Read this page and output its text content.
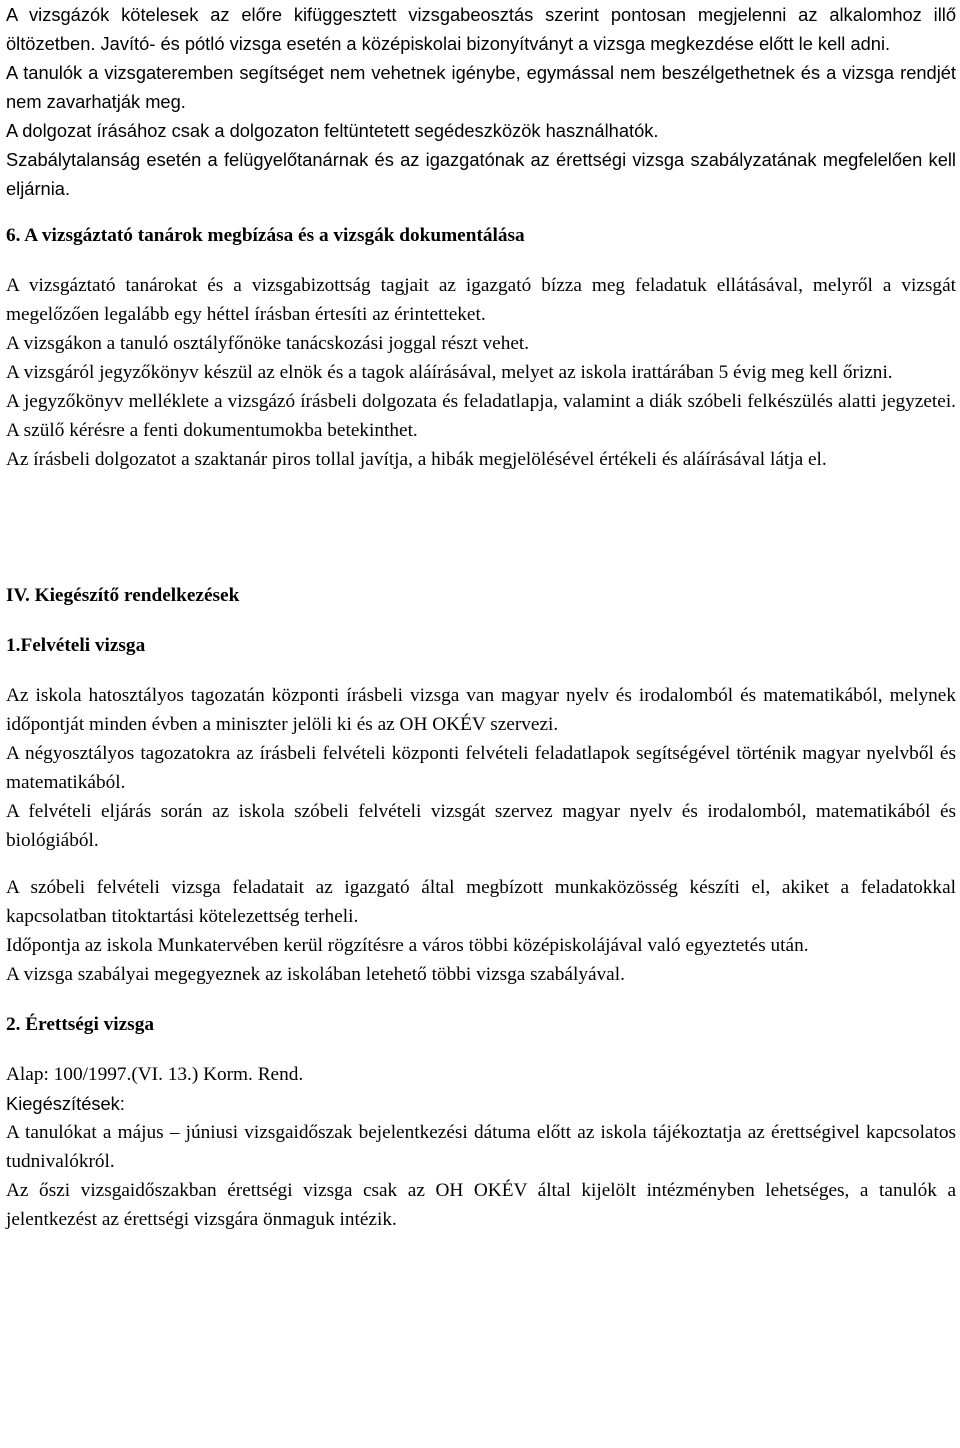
A vizsgázók kötelesek az előre kifüggesztett vizsgabeosztás szerint pontosan megjelenni az alkalomhoz illő öltözetben. Javító- és pótló vizsga esetén a középiskolai bizonyítványt a vizsga megkezdése előtt le kell adni.

A tanulók a vizsgateremben segítséget nem vehetnek igénybe, egymással nem beszélgethetnek és a vizsga rendjét nem zavarhatják meg.

A dolgozat írásához csak a dolgozaton feltüntetett segédeszközök használhatók.

Szabálytalanság esetén a felügyelőtanárnak és az igazgatónak az érettségi vizsga szabályzatának megfelelően kell eljárnia.

6. A vizsgáztató tanárok megbízása és a vizsgák dokumentálása

A vizsgáztató tanárokat és a vizsgabizottság tagjait az igazgató bízza meg feladatuk ellátásával, melyről a vizsgát megelőzően legalább egy héttel írásban értesíti az érintetteket.

A vizsgákon a tanuló osztályfőnöke tanácskozási joggal részt vehet.

A vizsgáról jegyzőkönyv készül az elnök és a tagok aláírásával, melyet az iskola irattárában 5 évig meg kell őrizni.

A jegyzőkönyv melléklete a vizsgázó írásbeli dolgozata és feladatlapja, valamint a diák szóbeli felkészülés alatti jegyzetei. A szülő kérésre a fenti dokumentumokba betekinthet.

Az írásbeli dolgozatot a szaktanár piros tollal javítja, a hibák megjelölésével értékeli és aláírásával látja el.

IV. Kiegészítő rendelkezések
1.Felvételi vizsga

Az iskola hatosztályos tagozatán központi írásbeli vizsga van magyar nyelv és irodalomból és matematikából, melynek időpontját minden évben a miniszter jelöli ki és az OH OKÉV szervezi.

A négyosztályos tagozatokra az írásbeli felvételi központi felvételi feladatlapok segítségével történik magyar nyelvből és matematikából.

A felvételi eljárás során az iskola szóbeli felvételi vizsgát szervez magyar nyelv és irodalomból, matematikából és biológiából.

A szóbeli felvételi vizsga feladatait az igazgató által megbízott munkaközösség készíti el, akiket a feladatokkal kapcsolatban titoktartási kötelezettség terheli.

Időpontja az iskola Munkatervében kerül rögzítésre a város többi középiskolájával való egyeztetés után.

A vizsga szabályai megegyeznek az iskolában letehető többi vizsga szabályával.

2. Érettségi vizsga

Alap: 100/1997.(VI. 13.) Korm. Rend.

Kiegészítések:

A tanulókat a május – júniusi vizsgaidőszak bejelentkezési dátuma előtt az iskola tájékoztatja az érettségivel kapcsolatos tudnivalókról.

Az őszi vizsgaidőszakban érettségi vizsga csak az OH OKÉV által kijelölt intézményben lehetséges, a tanulók a jelentkezést az érettségi vizsgára önmaguk intézik.
